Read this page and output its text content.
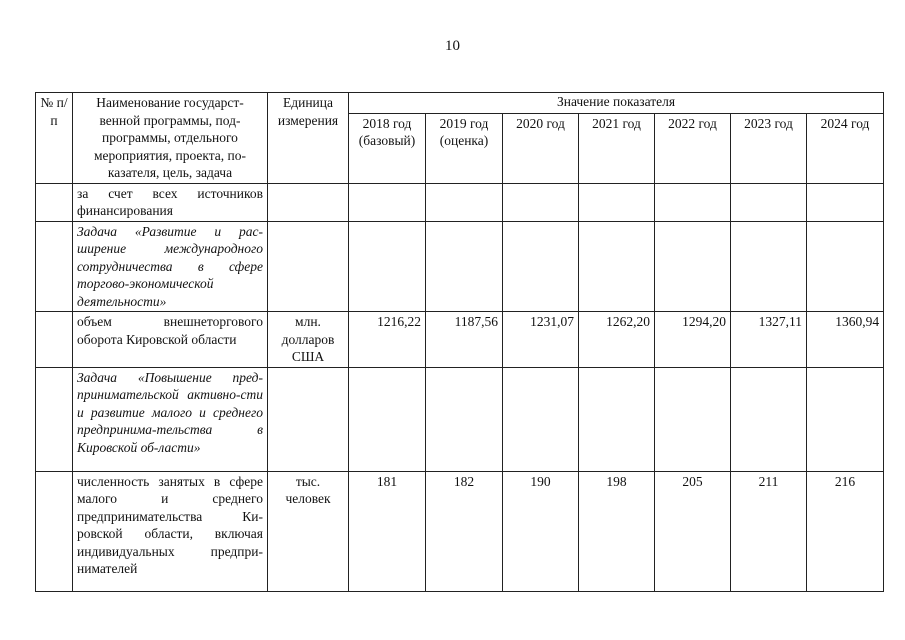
10
№ п/п	Наименование государст-венной программы, под-программы, отдельного мероприятия, проекта, по-казателя, цель, задача	Единица измерения	Значение показателя						
			2018 год (базовый)	2019 год (оценка)	2020 год	2021 год	2022 год	2023 год	2024 год
	за счет всех источников финансирования								
	Задача «Развитие и рас-ширение международного сотрудничества в сфере торгово-экономической деятельности»								
	объем внешнеторгового оборота Кировской области	млн. долларов США	1216,22	1187,56	1231,07	1262,20	1294,20	1327,11	1360,94
	Задача «Повышение пред-принимательской активно-сти и развитие малого и среднего предпринима-тельства в Кировской об-ласти»								
	численность занятых в сфере малого и среднего предпринимательства Ки-ровской области, включая индивидуальных предпри-нимателей	тыс. человек	181	182	190	198	205	211	216
